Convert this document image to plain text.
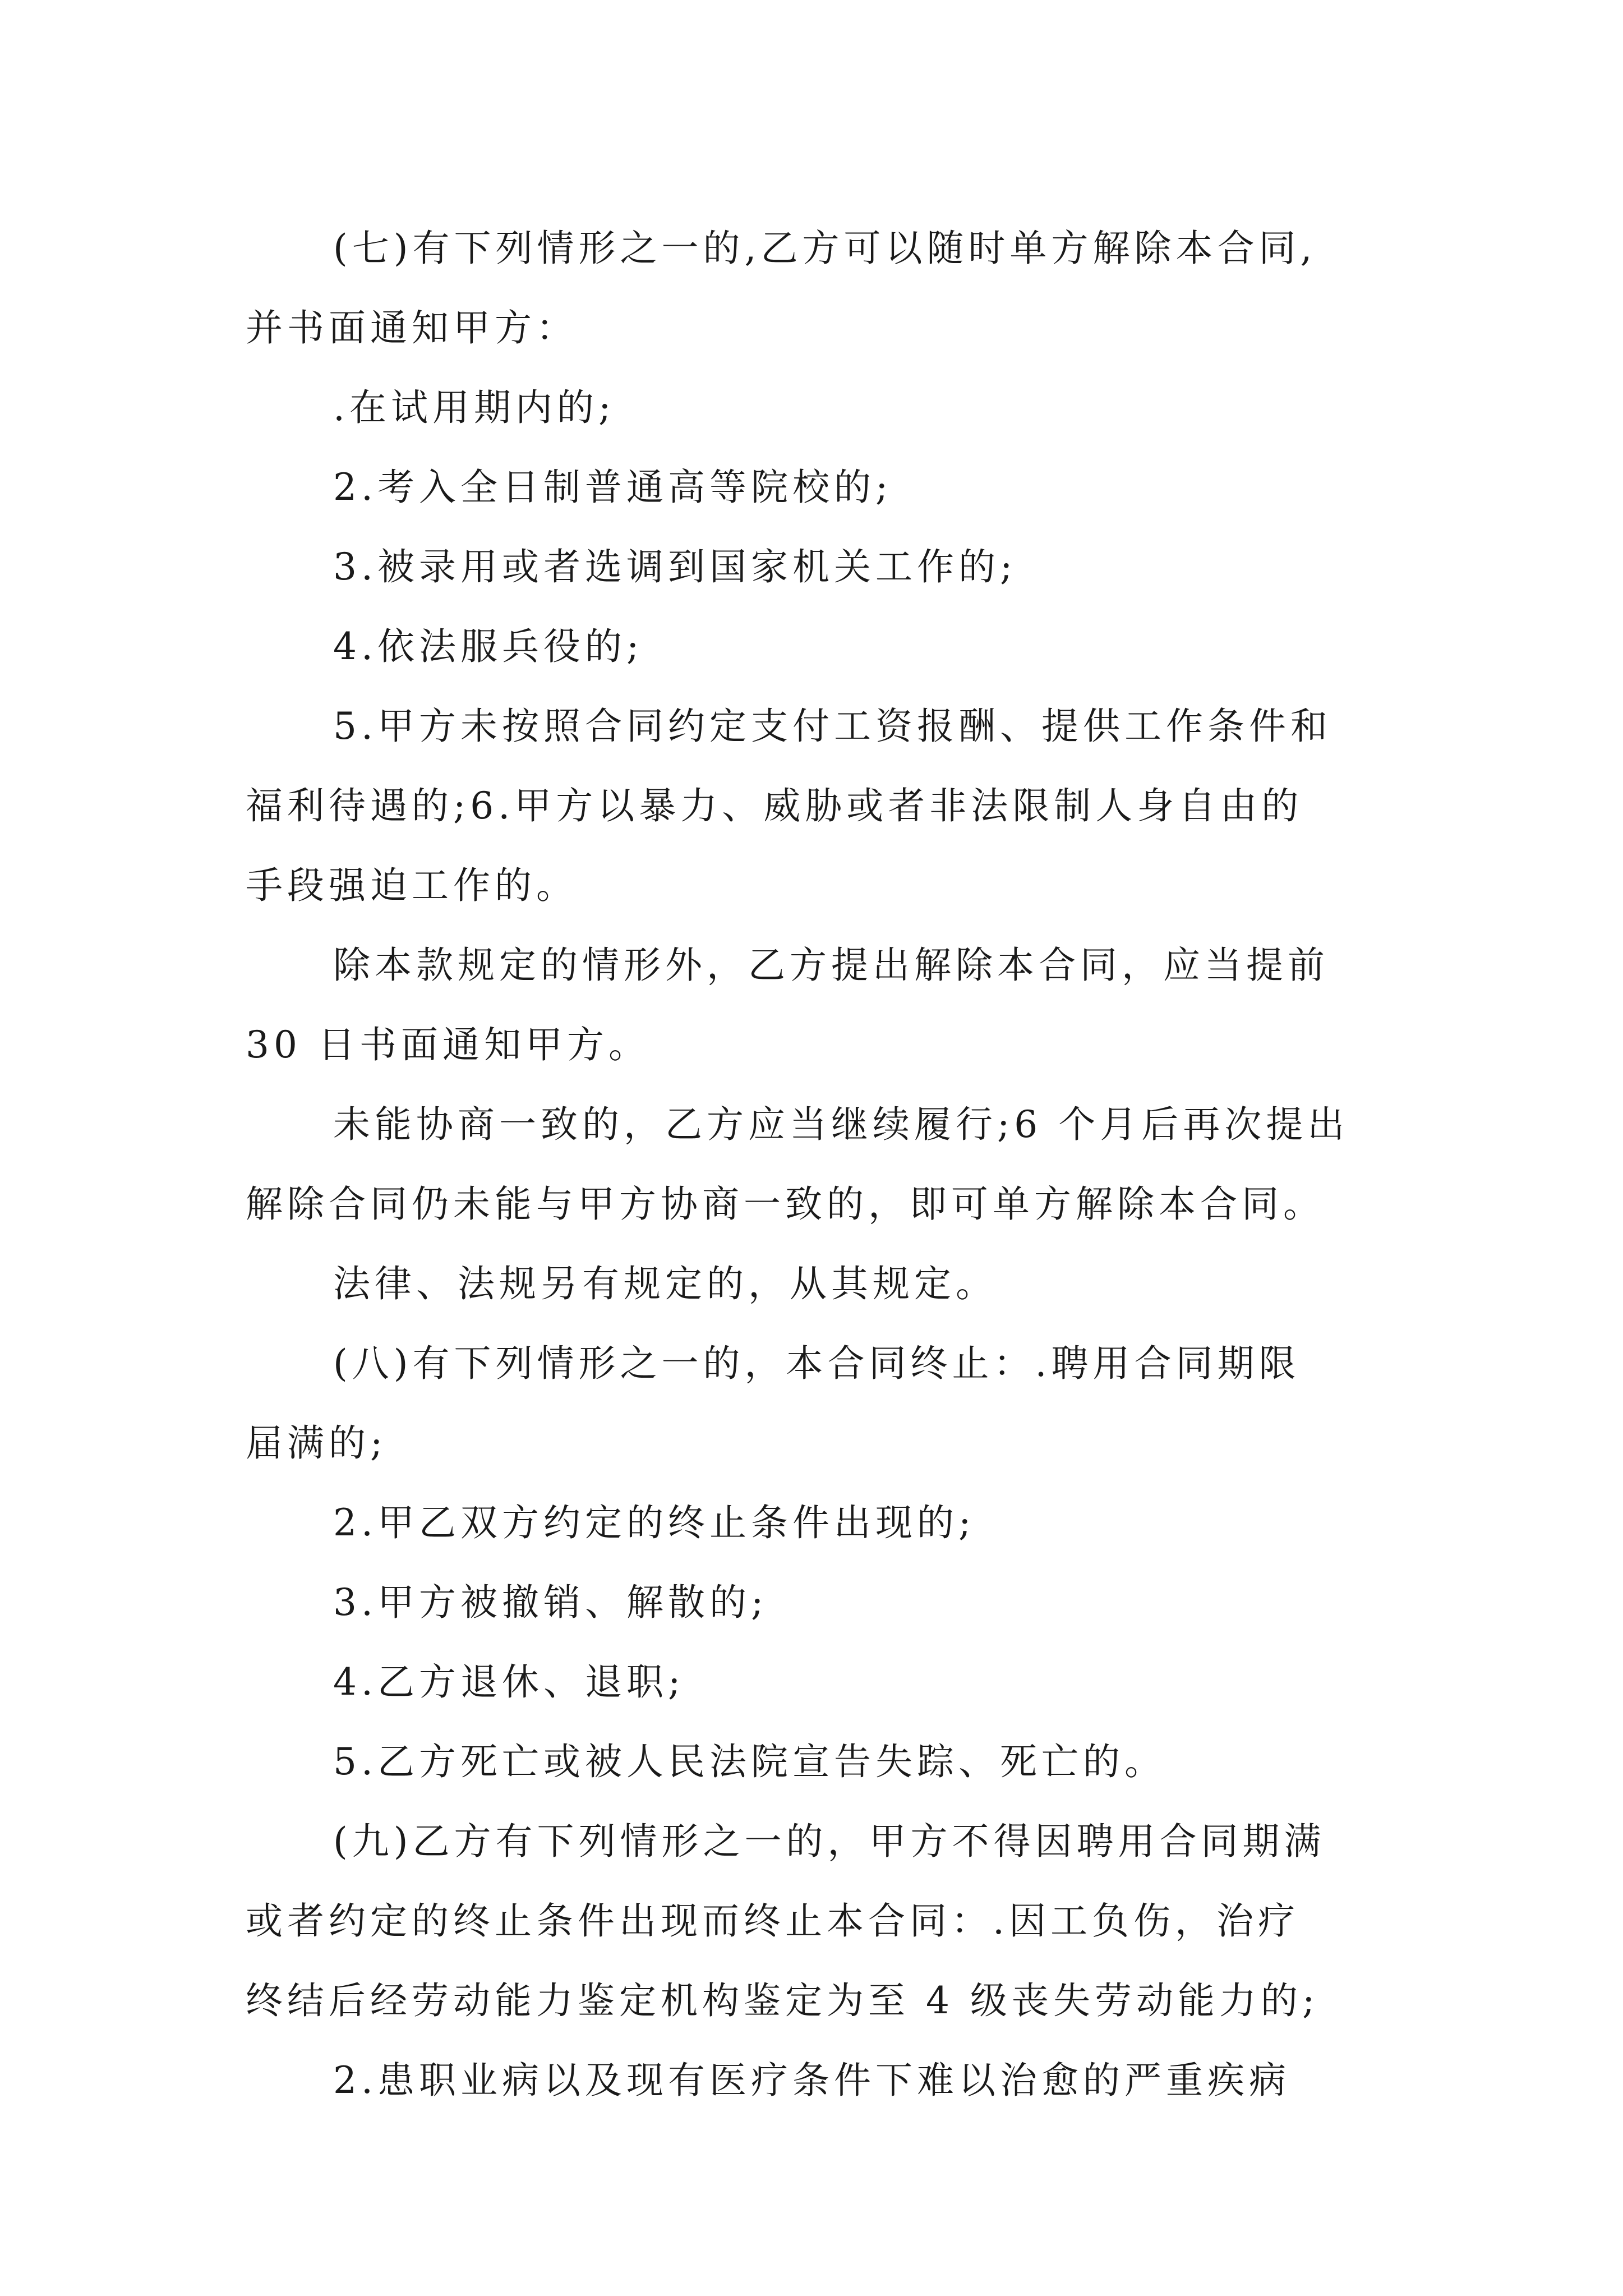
(七)有下列情形之一的,乙方可以随时单方解除本合同,
并书面通知甲方：

.在试用期内的;

2.考入全日制普通高等院校的;

3.被录用或者选调到国家机关工作的;

4.依法服兵役的;

5.甲方未按照合同约定支付工资报酬、提供工作条件和
福利待遇的;6.甲方以暴力、威胁或者非法限制人身自由的
手段强迫工作的。

除本款规定的情形外，乙方提出解除本合同，应当提前
30 日书面通知甲方。

未能协商一致的，乙方应当继续履行;6 个月后再次提出
解除合同仍未能与甲方协商一致的，即可单方解除本合同。

法律、法规另有规定的，从其规定。

(八)有下列情形之一的，本合同终止：.聘用合同期限
届满的;

2.甲乙双方约定的终止条件出现的;

3.甲方被撤销、解散的;

4.乙方退休、退职;

5.乙方死亡或被人民法院宣告失踪、死亡的。

(九)乙方有下列情形之一的，甲方不得因聘用合同期满
或者约定的终止条件出现而终止本合同：.因工负伤，治疗
终结后经劳动能力鉴定机构鉴定为至 4 级丧失劳动能力的;

2.患职业病以及现有医疗条件下难以治愈的严重疾病
